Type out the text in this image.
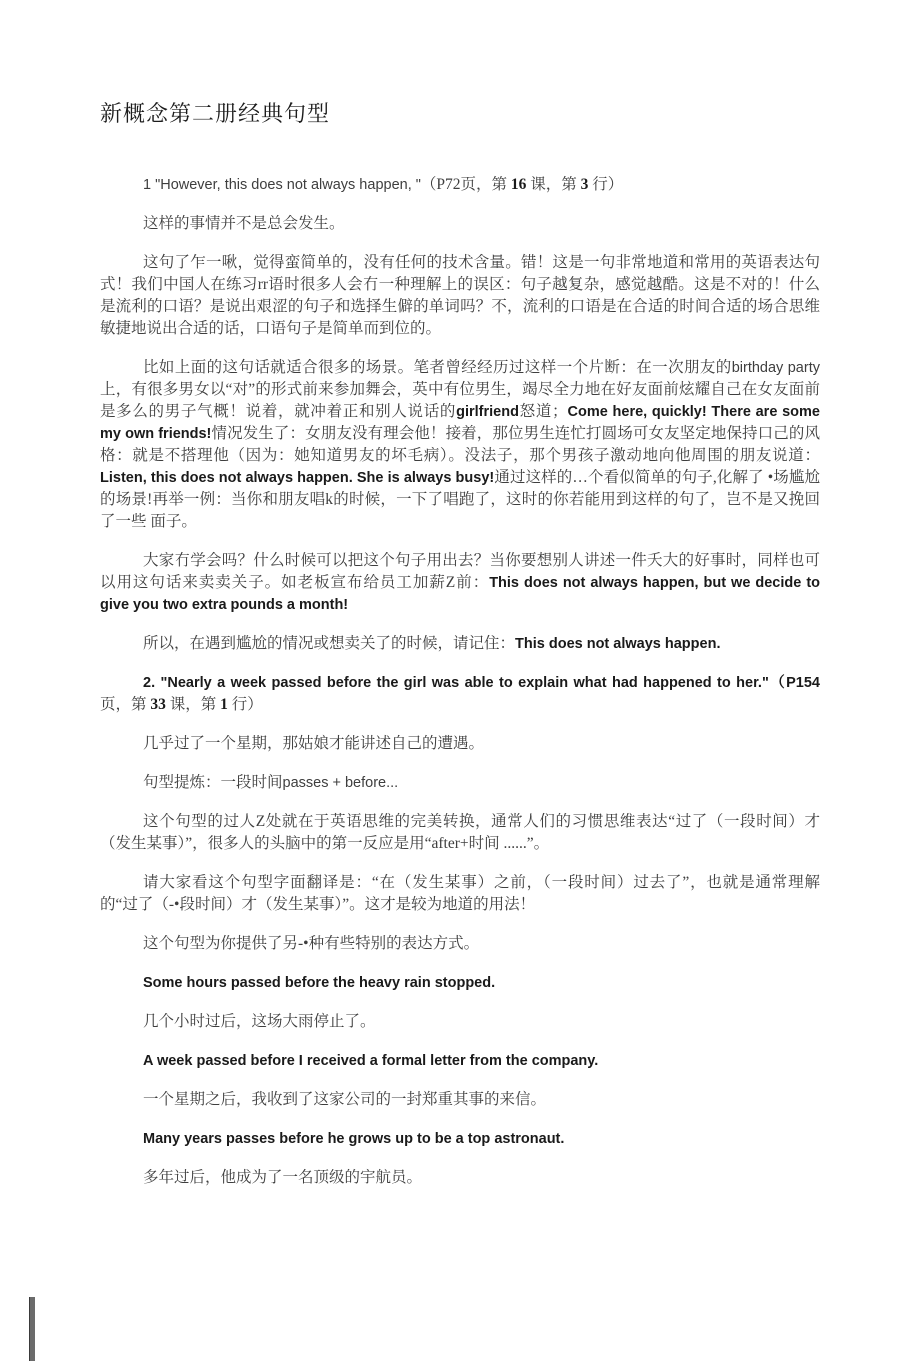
新概念第二册经典句型

1 "However, this does not always happen, "（P72页，第 16 课，第 3 行）

这样的事情并不是总会发生。

这句了乍一啾，觉得蛮简单的，没有任何的技术含量。错！这是一句非常地道和常用的英语表达句式！我们中国人在练习rr语时很多人会冇一种理解上的误区：句子越复杂，感觉越酷。这是不对的！什么是流利的口语？是说出艰涩的句子和选择生僻的单词吗？不，流利的口语是在合适的时间合适的场合思维敏捷地说出合适的话，口语句子是简单而到位的。

比如上面的这句话就适合很多的场景。笔者曾经经历过这样一个片断：在一次朋友的birthday party 上，有很多男女以“对”的形式前来参加舞会，英中有位男生，竭尽全力地在好友面前炫耀自己在女友面前是多么的男子气概！说着，就冲着正和别人说话的girlfriend怒道；Come here, quickly! There are some my own friends!情况发生了：女朋友没有理会他！接着，那位男生连忙打圆场可女友坚定地保持口己的风格：就是不搭理他（因为：她知道男友的坏毛病）。没法子，那个男孩子激动地向他周围的朋友说道：Listen, this does not always happen. She is always busy!通过这样的…个看似简单的句子,化解了 •场尴尬的场景!再举一例：当你和朋友唱k的时候，一下了唱跑了，这时的你若能用到这样的句了，岂不是又挽回了一些 面子。

大家冇学会吗？什么时候可以把这个句子用出去？当你要想别人讲述一件夭大的好事时，同样也可以用这句话来卖卖关子。如老板宣布给员工加薪Z前：This does not always happen, but we decide to give you two extra pounds a month!

所以，在遇到尴尬的情况或想卖关了的时候，请记住：This does not always happen.

2. "Nearly a week passed before the girl was able to explain what had happened to her."（P154页，第 33 课，第 1 行）

几乎过了一个星期，那姑娘才能讲述自己的遭遇。

句型提炼：一段时间passes + before...

这个句型的过人Z处就在于英语思维的完美转换，通常人们的习惯思维表达“过了（一段时间）才（发生某事）”，很多人的头脑中的第一反应是用“after+时间 ......”。

请大家看这个句型字面翻译是：“在（发生某事）之前，（一段时间）过去了”，也就是通常理解的“过了（-•段时间）才（发生某事）”。这才是较为地道的用法！

这个句型为你提供了另-•种有些特别的表达方式。

Some hours passed before the heavy rain stopped.

几个小时过后，这场大雨停止了。

A week passed before I received a formal letter from the company.

一个星期之后，我收到了这家公司的一封郑重其事的来信。

Many years passes before he grows up to be a top astronaut.

多年过后，他成为了一名顶级的宇航员。
